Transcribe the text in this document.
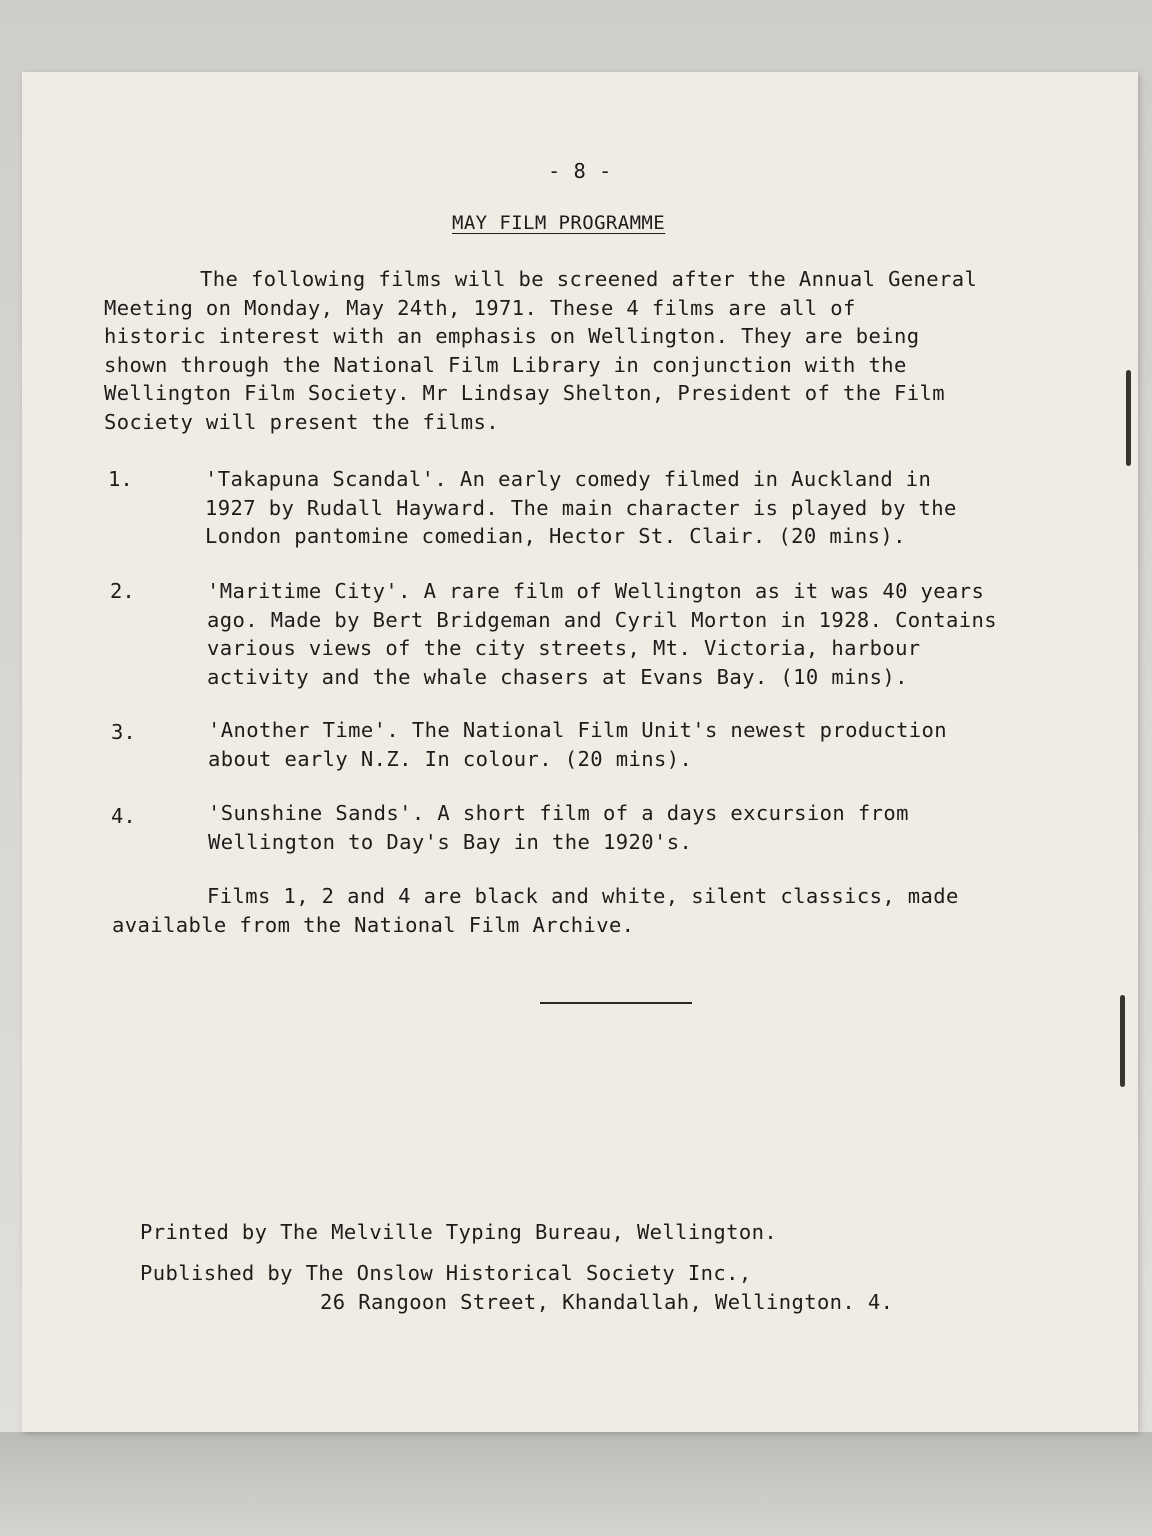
- 8 -
MAY FILM PROGRAMME
The following films will be screened after the Annual General
Meeting on Monday, May 24th, 1971. These 4 films are all of
historic interest with an emphasis on Wellington. They are being
shown through the National Film Library in conjunction with the
Wellington Film Society. Mr Lindsay Shelton, President of the Film
Society will present the films.
1.	'Takapuna Scandal'. An early comedy filmed in Auckland in
1927 by Rudall Hayward. The main character is played by the
London pantomine comedian, Hector St. Clair. (20 mins).
2.	'Maritime City'. A rare film of Wellington as it was 40 years
ago. Made by Bert Bridgeman and Cyril Morton in 1928. Contains
various views of the city streets, Mt. Victoria, harbour
activity and the whale chasers at Evans Bay. (10 mins).
3.	'Another Time'. The National Film Unit's newest production
about early N.Z. In colour. (20 mins).
4.	'Sunshine Sands'. A short film of a days excursion from
Wellington to Day's Bay in the 1920's.
Films 1, 2 and 4 are black and white, silent classics, made
available from the National Film Archive.
Printed by The Melville Typing Bureau, Wellington.
Published by The Onslow Historical Society Inc.,
26 Rangoon Street, Khandallah, Wellington. 4.
